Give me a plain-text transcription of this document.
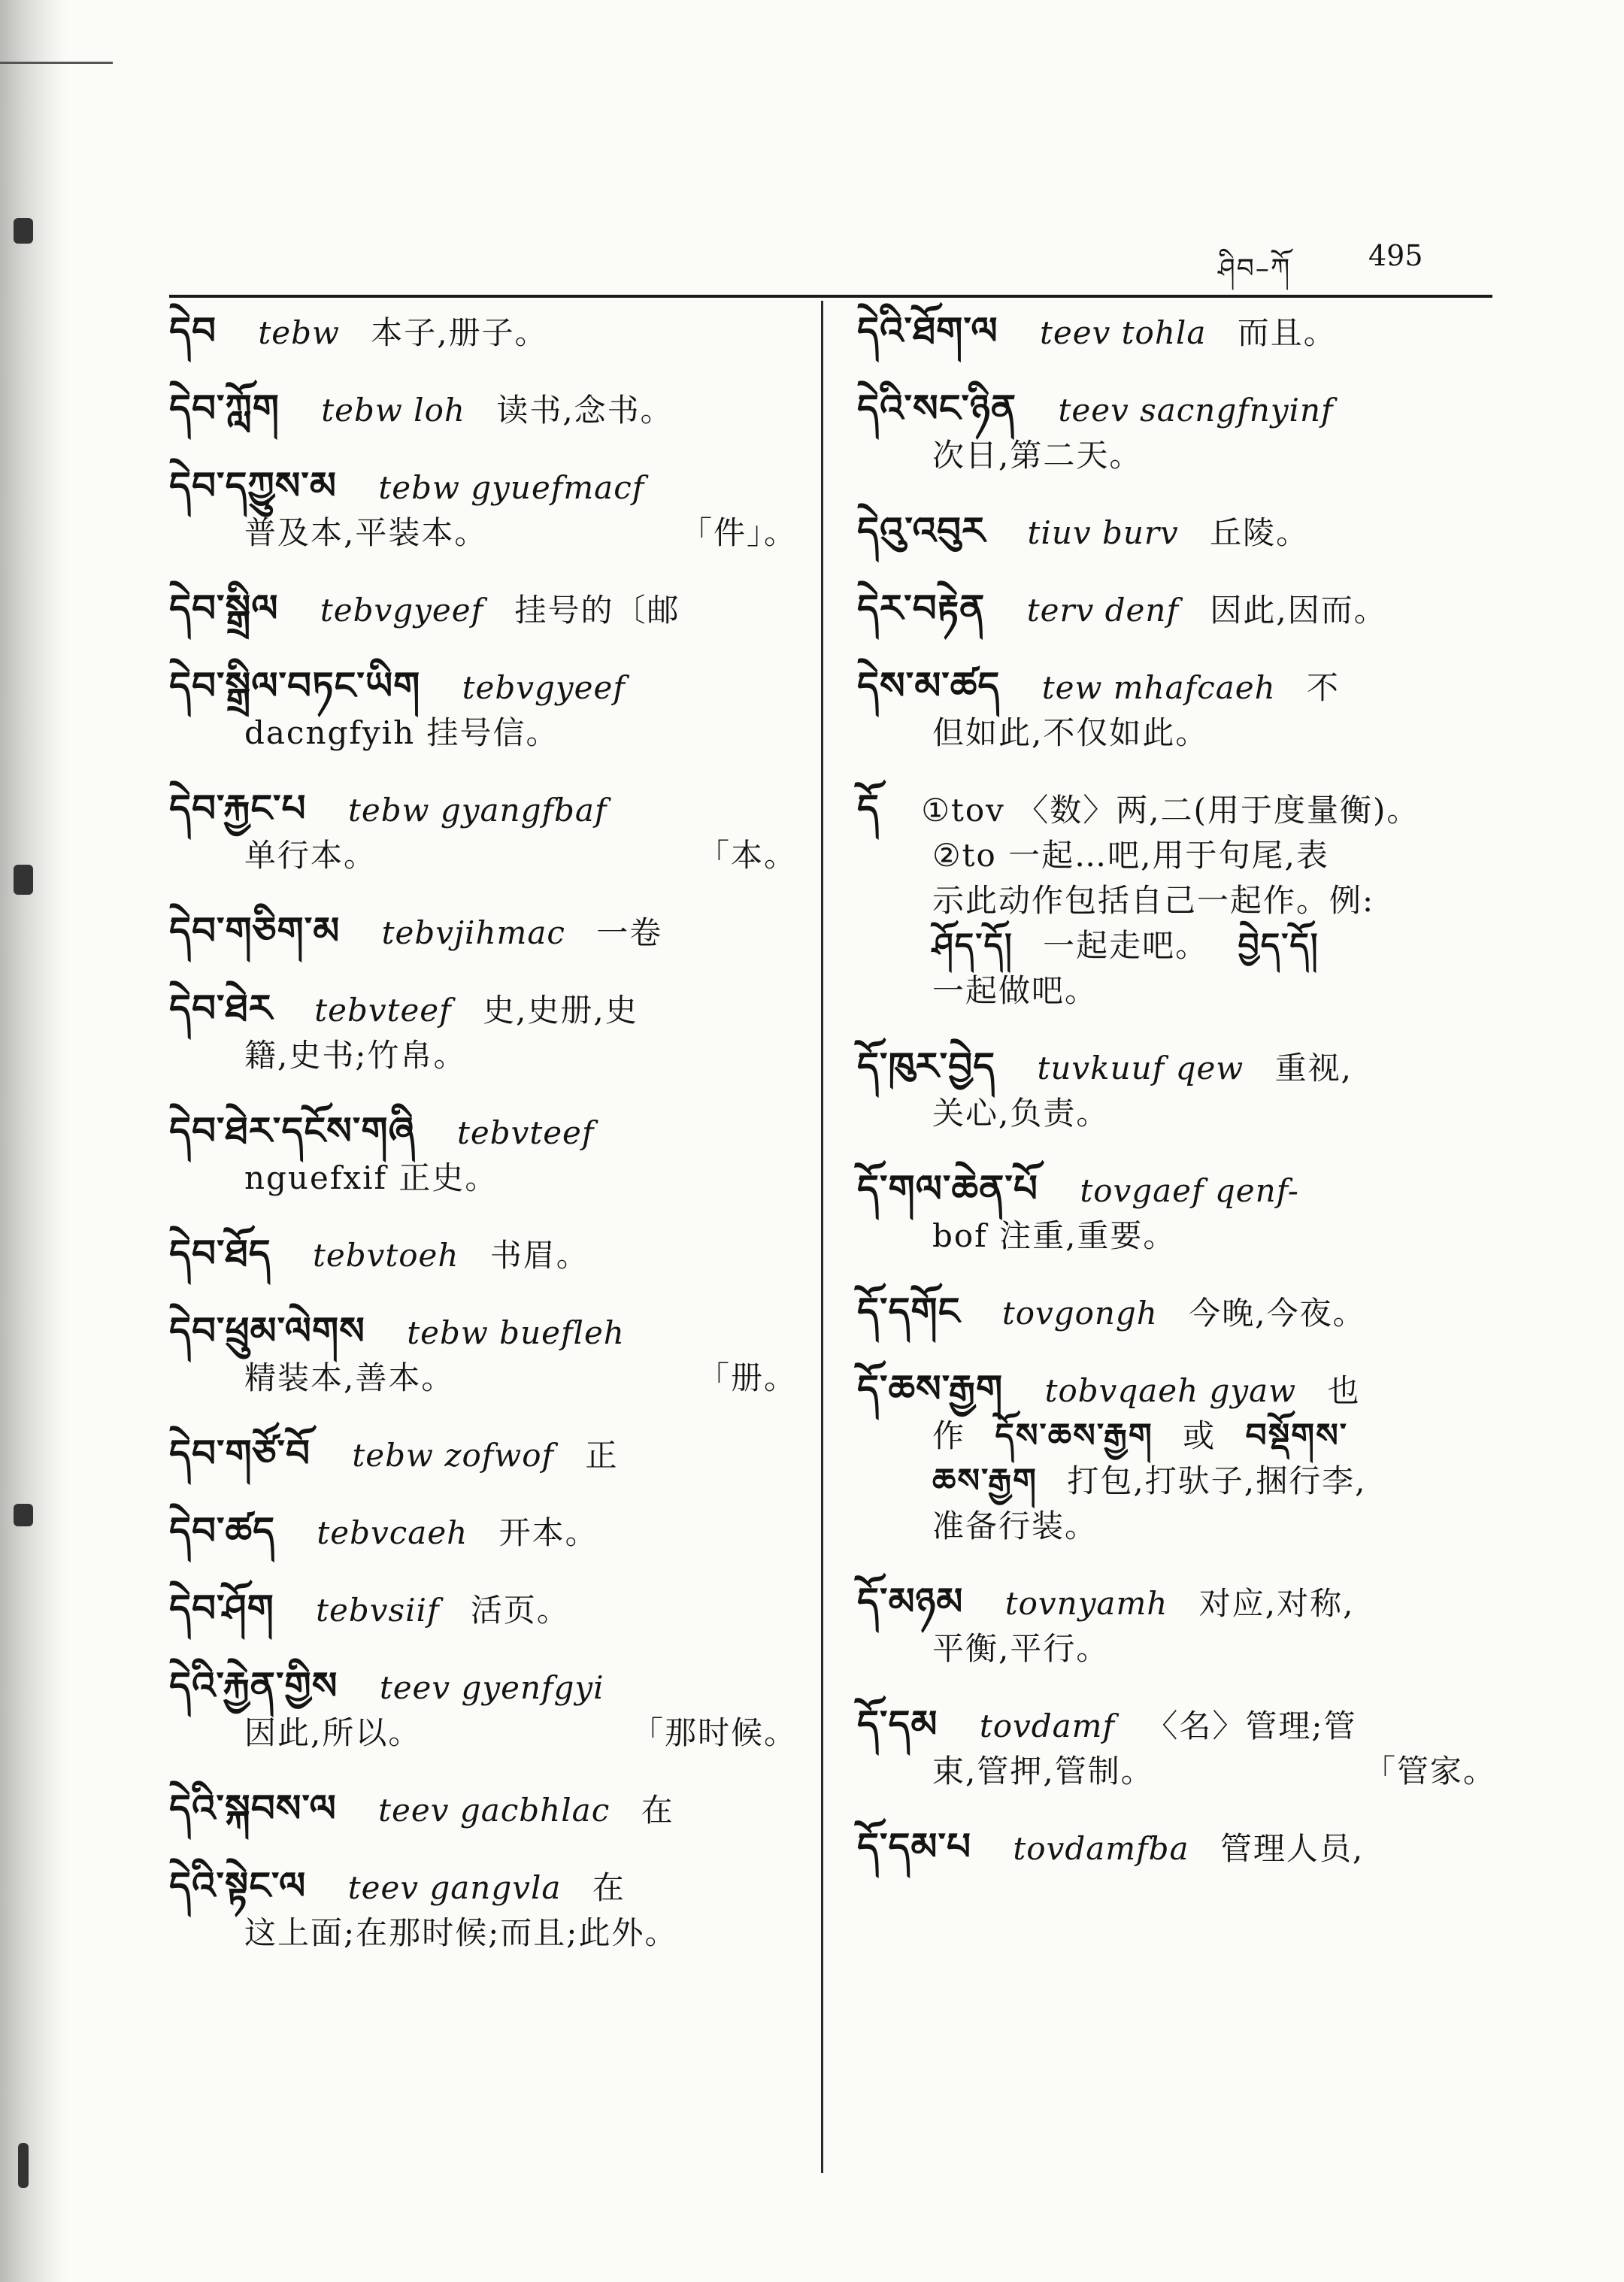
ཤིབ–ཀོ	495
དེབ tebw 本子,册子。
དེབ་ཀློག tebw loh 读书,念书。
དེབ་དཀྱུས་མ tebw gyuefmacf
普及本,平装本。	「件」。
དེབ་སྒྲིལ tebvgyeef 挂号的〔邮
དེབ་སྒྲིལ་བཏང་ཡིག tebvgyeef
dacngfyih 挂号信。
དེབ་རྐྱང་པ tebw gyangfbaf
单行本。	「本。
དེབ་གཅིག་མ tebvjihmac 一卷
དེབ་ཐེར tebvteef 史,史册,史
籍,史书;竹帛。
དེབ་ཐེར་དངོས་གཞི tebvteef
nguefxif 正史。
དེབ་ཐོད tebvtoeh 书眉。
དེབ་ཕྲུམ་ལེགས tebw buefleh
精装本,善本。	「册。
དེབ་གཙོ་བོ tebw zofwof 正
དེབ་ཚད tebvcaeh 开本。
དེབ་ཤོག tebvsiif 活页。
དེའི་རྐྱེན་གྱིས teev gyenfgyi
因此,所以。	「那时候。
དེའི་སྐབས་ལ teev gacbhlac 在
དེའི་སྟེང་ལ teev gangvla 在
这上面;在那时候;而且;此外。
དེའི་ཐོག་ལ teev tohla 而且。
དེའི་སང་ཉིན teev sacngfnyinf
次日,第二天。
དེའུ་འབུར tiuv burv 丘陵。
དེར་བརྟེན terv denf 因此,因而。
དེས་མ་ཚད tew mhafcaeh 不
但如此,不仅如此。
དོ ①tov 〈数〉两,二(用于度量衡)。
②to 一起…吧,用于句尾,表
示此动作包括自己一起作。例:
ཤོད་དོ། 一起走吧。 བྱེད་དོ།
一起做吧。
དོ་ཁུར་བྱེད tuvkuuf qew 重视,
关心,负责。
དོ་གལ་ཆེན་པོ tovgaef qenf-
bof 注重,重要。
དོ་དགོང tovgongh 今晚,今夜。
དོ་ཆས་རྒྱག tobvqaeh gyaw 也
作 དོས་ཆས་རྒྱག 或 བསྡོགས་
ཆས་རྒྱག 打包,打驮子,捆行李,
准备行装。
དོ་མཉམ tovnyamh 对应,对称,
平衡,平行。
དོ་དམ tovdamf 〈名〉管理;管
束,管押,管制。	「管家。
དོ་དམ་པ tovdamfba 管理人员,
